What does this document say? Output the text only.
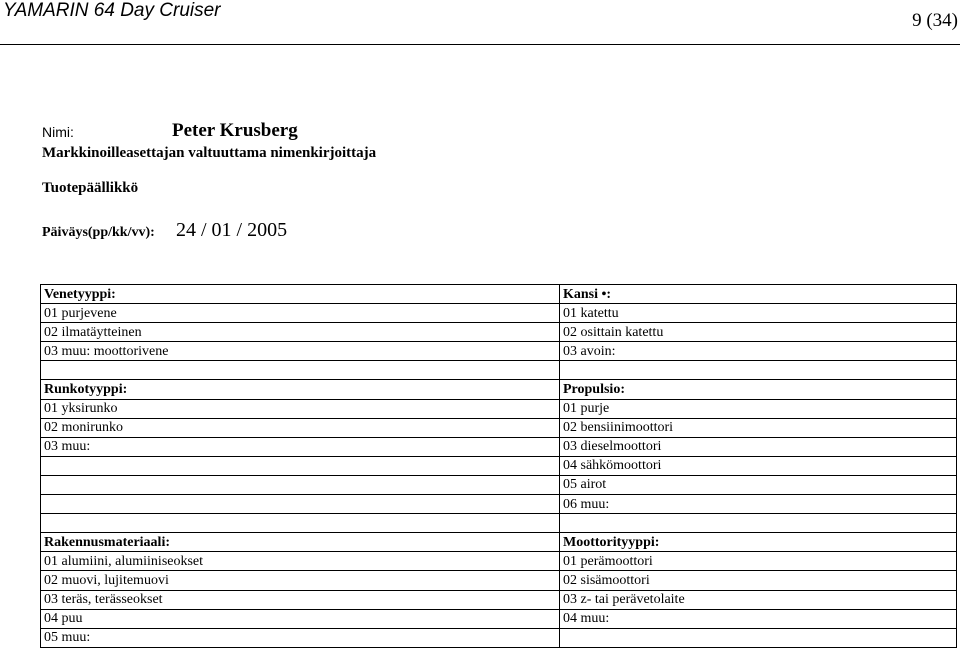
YAMARIN 64 Day Cruiser	9 (34)
Nimi:	Peter Krusberg
Markkinoilleasettajan valtuuttama nimenkirjoittaja
Tuotepäällikkö
Päiväys(pp/kk/vv): 24 / 01 / 2005
Venetyyppi:	Kansi •:
01 purjevene	01 katettu
02 ilmatäytteinen	02 osittain katettu
03 muu: moottorivene	03 avoin:

Runkotyyppi:	Propulsio:
01 yksirunko	01 purje
02 monirunko	02 bensiinimoottori
03 muu:	03 dieselmoottori
	04 sähkömoottori
	05 airot
	06 muu:

Rakennusmateriaali:	Moottorityyppi:
01 alumiini, alumiiniseokset	01 perämoottori
02 muovi, lujitemuovi	02 sisämoottori
03 teräs, terässeokset	03 z- tai perävetolaite
04 puu	04 muu:
05 muu:	
